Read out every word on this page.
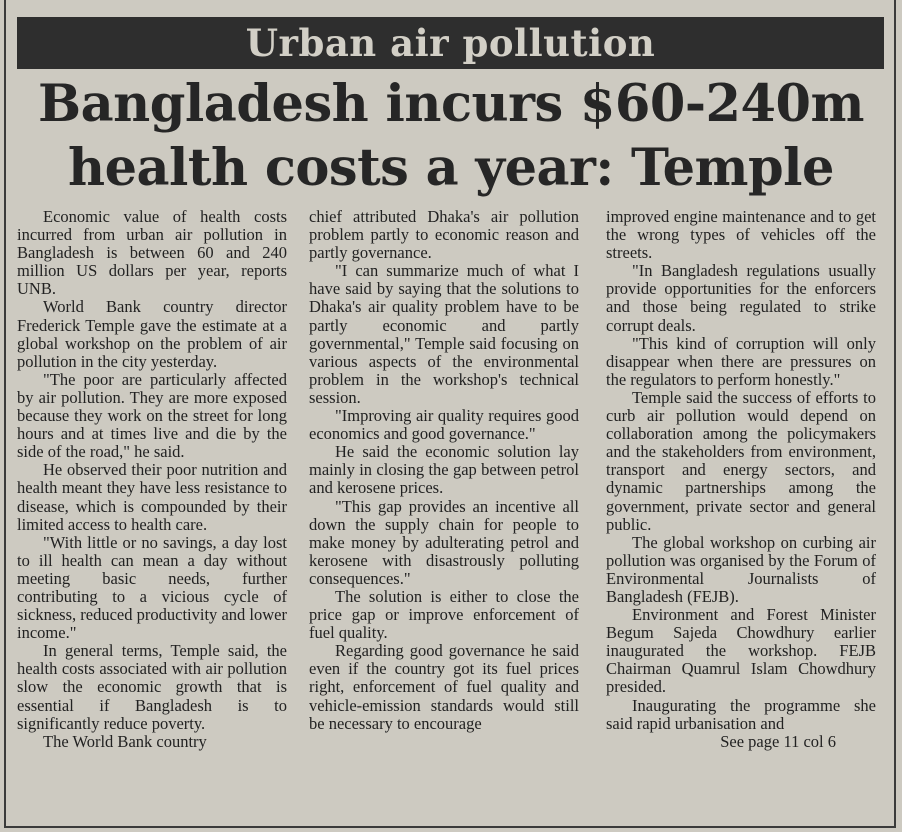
Urban air pollution
Bangladesh incurs $60-240m
health costs a year: Temple

Economic value of health costs incurred from urban air pollution in Bangladesh is between 60 and 240 million US dollars per year, reports UNB.

World Bank country director Frederick Temple gave the estimate at a global workshop on the problem of air pollution in the city yesterday.

"The poor are particularly affected by air pollution. They are more exposed because they work on the street for long hours and at times live and die by the side of the road," he said.

He observed their poor nutrition and health meant they have less resistance to disease, which is compounded by their limited access to health care.

"With little or no savings, a day lost to ill health can mean a day without meeting basic needs, further contributing to a vicious cycle of sickness, reduced productivity and lower income."

In general terms, Temple said, the health costs associated with air pollution slow the economic growth that is essential if Bangladesh is to significantly reduce poverty.

The World Bank country

chief attributed Dhaka's air pollution problem partly to economic reason and partly governance.

"I can summarize much of what I have said by saying that the solutions to Dhaka's air quality problem have to be partly economic and partly governmental," Temple said focusing on various aspects of the environmental problem in the workshop's technical session.

"Improving air quality requires good economics and good governance."

He said the economic solution lay mainly in closing the gap between petrol and kerosene prices.

"This gap provides an incentive all down the supply chain for people to make money by adulterating petrol and kerosene with disastrously polluting consequences."

The solution is either to close the price gap or improve enforcement of fuel quality.

Regarding good governance he said even if the country got its fuel prices right, enforcement of fuel quality and vehicle-emission standards would still be necessary to encourage

improved engine maintenance and to get the wrong types of vehicles off the streets.

"In Bangladesh regulations usually provide opportunities for the enforcers and those being regulated to strike corrupt deals.

"This kind of corruption will only disappear when there are pressures on the regulators to perform honestly."

Temple said the success of efforts to curb air pollution would depend on collaboration among the policymakers and the stakeholders from environment, transport and energy sectors, and dynamic partnerships among the government, private sector and general public.

The global workshop on curbing air pollution was organised by the Forum of Environmental Journalists of Bangladesh (FEJB).

Environment and Forest Minister Begum Sajeda Chowdhury earlier inaugurated the workshop. FEJB Chairman Quamrul Islam Chowdhury presided.

Inaugurating the programme she said rapid urbanisation and

See page 11 col 6
